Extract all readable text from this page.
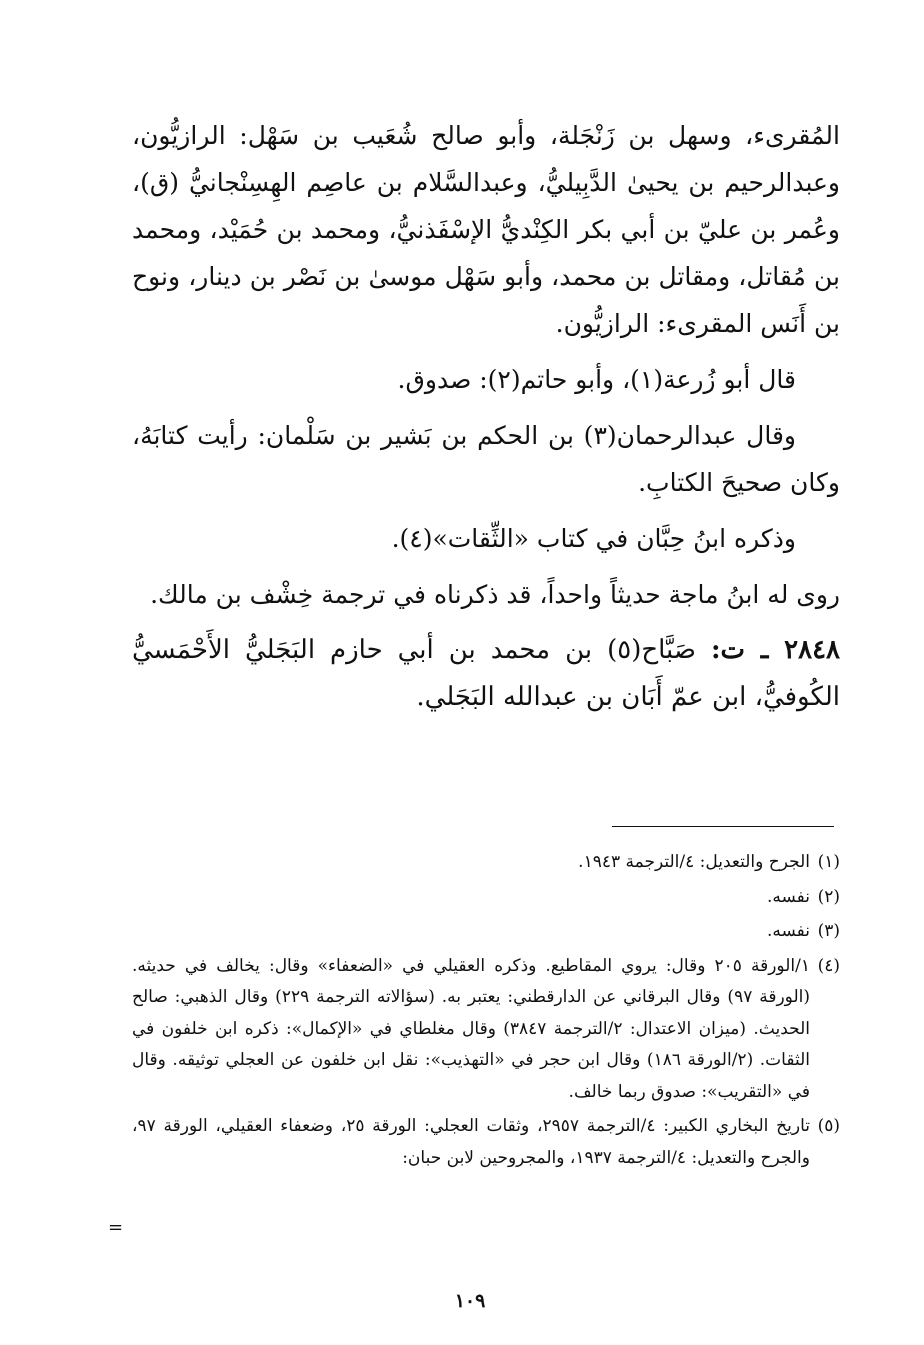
المُقرىء، وسهل بن زَنْجَلة، وأبو صالح شُعَيب بن سَهْل: الرازيُّون، وعبدالرحيم بن يحيىٰ الدَّبِيليُّ، وعبدالسَّلام بن عاصِم الهِسِنْجانيُّ (ق)، وعُمر بن عليّ بن أبي بكر الكِنْديُّ الإسْفَذنيُّ، ومحمد بن حُمَيْد، ومحمد بن مُقاتل، ومقاتل بن محمد، وأبو سَهْل موسىٰ بن نَصْر بن دينار، ونوح بن أَنَس المقرىء: الرازيُّون.

قال أبو زُرعة(١)، وأبو حاتم(٢): صدوق.

وقال عبدالرحمان(٣) بن الحكم بن بَشير بن سَلْمان: رأيت كتابَهُ، وكان صحيحَ الكتابِ.

وذكره ابنُ حِبَّان في كتاب «الثِّقات»(٤).

روى له ابنُ ماجة حديثاً واحداً، قد ذكرناه في ترجمة خِشْف بن مالك.

٢٨٤٨ ـ ت: صَبَّاح(٥) بن محمد بن أبي حازم البَجَليُّ الأَحْمَسيُّ الكُوفيُّ، ابن عمّ أَبَان بن عبدالله البَجَلي.

(١)
الجرح والتعديل: ٤/الترجمة ١٩٤٣.
(٢)
نفسه.
(٣)
نفسه.
(٤)
١/الورقة ٢٠٥ وقال: يروي المقاطيع. وذكره العقيلي في «الضعفاء» وقال: يخالف في حديثه. (الورقة ٩٧) وقال البرقاني عن الدارقطني: يعتبر به. (سؤالاته الترجمة ٢٢٩) وقال الذهبي: صالح الحديث. (ميزان الاعتدال: ٢/الترجمة ٣٨٤٧) وقال مغلطاي في «الإكمال»: ذكره ابن خلفون في الثقات. (٢/الورقة ١٨٦) وقال ابن حجر في «التهذيب»: نقل ابن خلفون عن العجلي توثيقه. وقال في «التقريب»: صدوق ربما خالف.
(٥)
تاريخ البخاري الكبير: ٤/الترجمة ٢٩٥٧، وثقات العجلي: الورقة ٢٥، وضعفاء العقيلي، الورقة ٩٧، والجرح والتعديل: ٤/الترجمة ١٩٣٧، والمجروحين لابن حبان:
=
١٠٩
